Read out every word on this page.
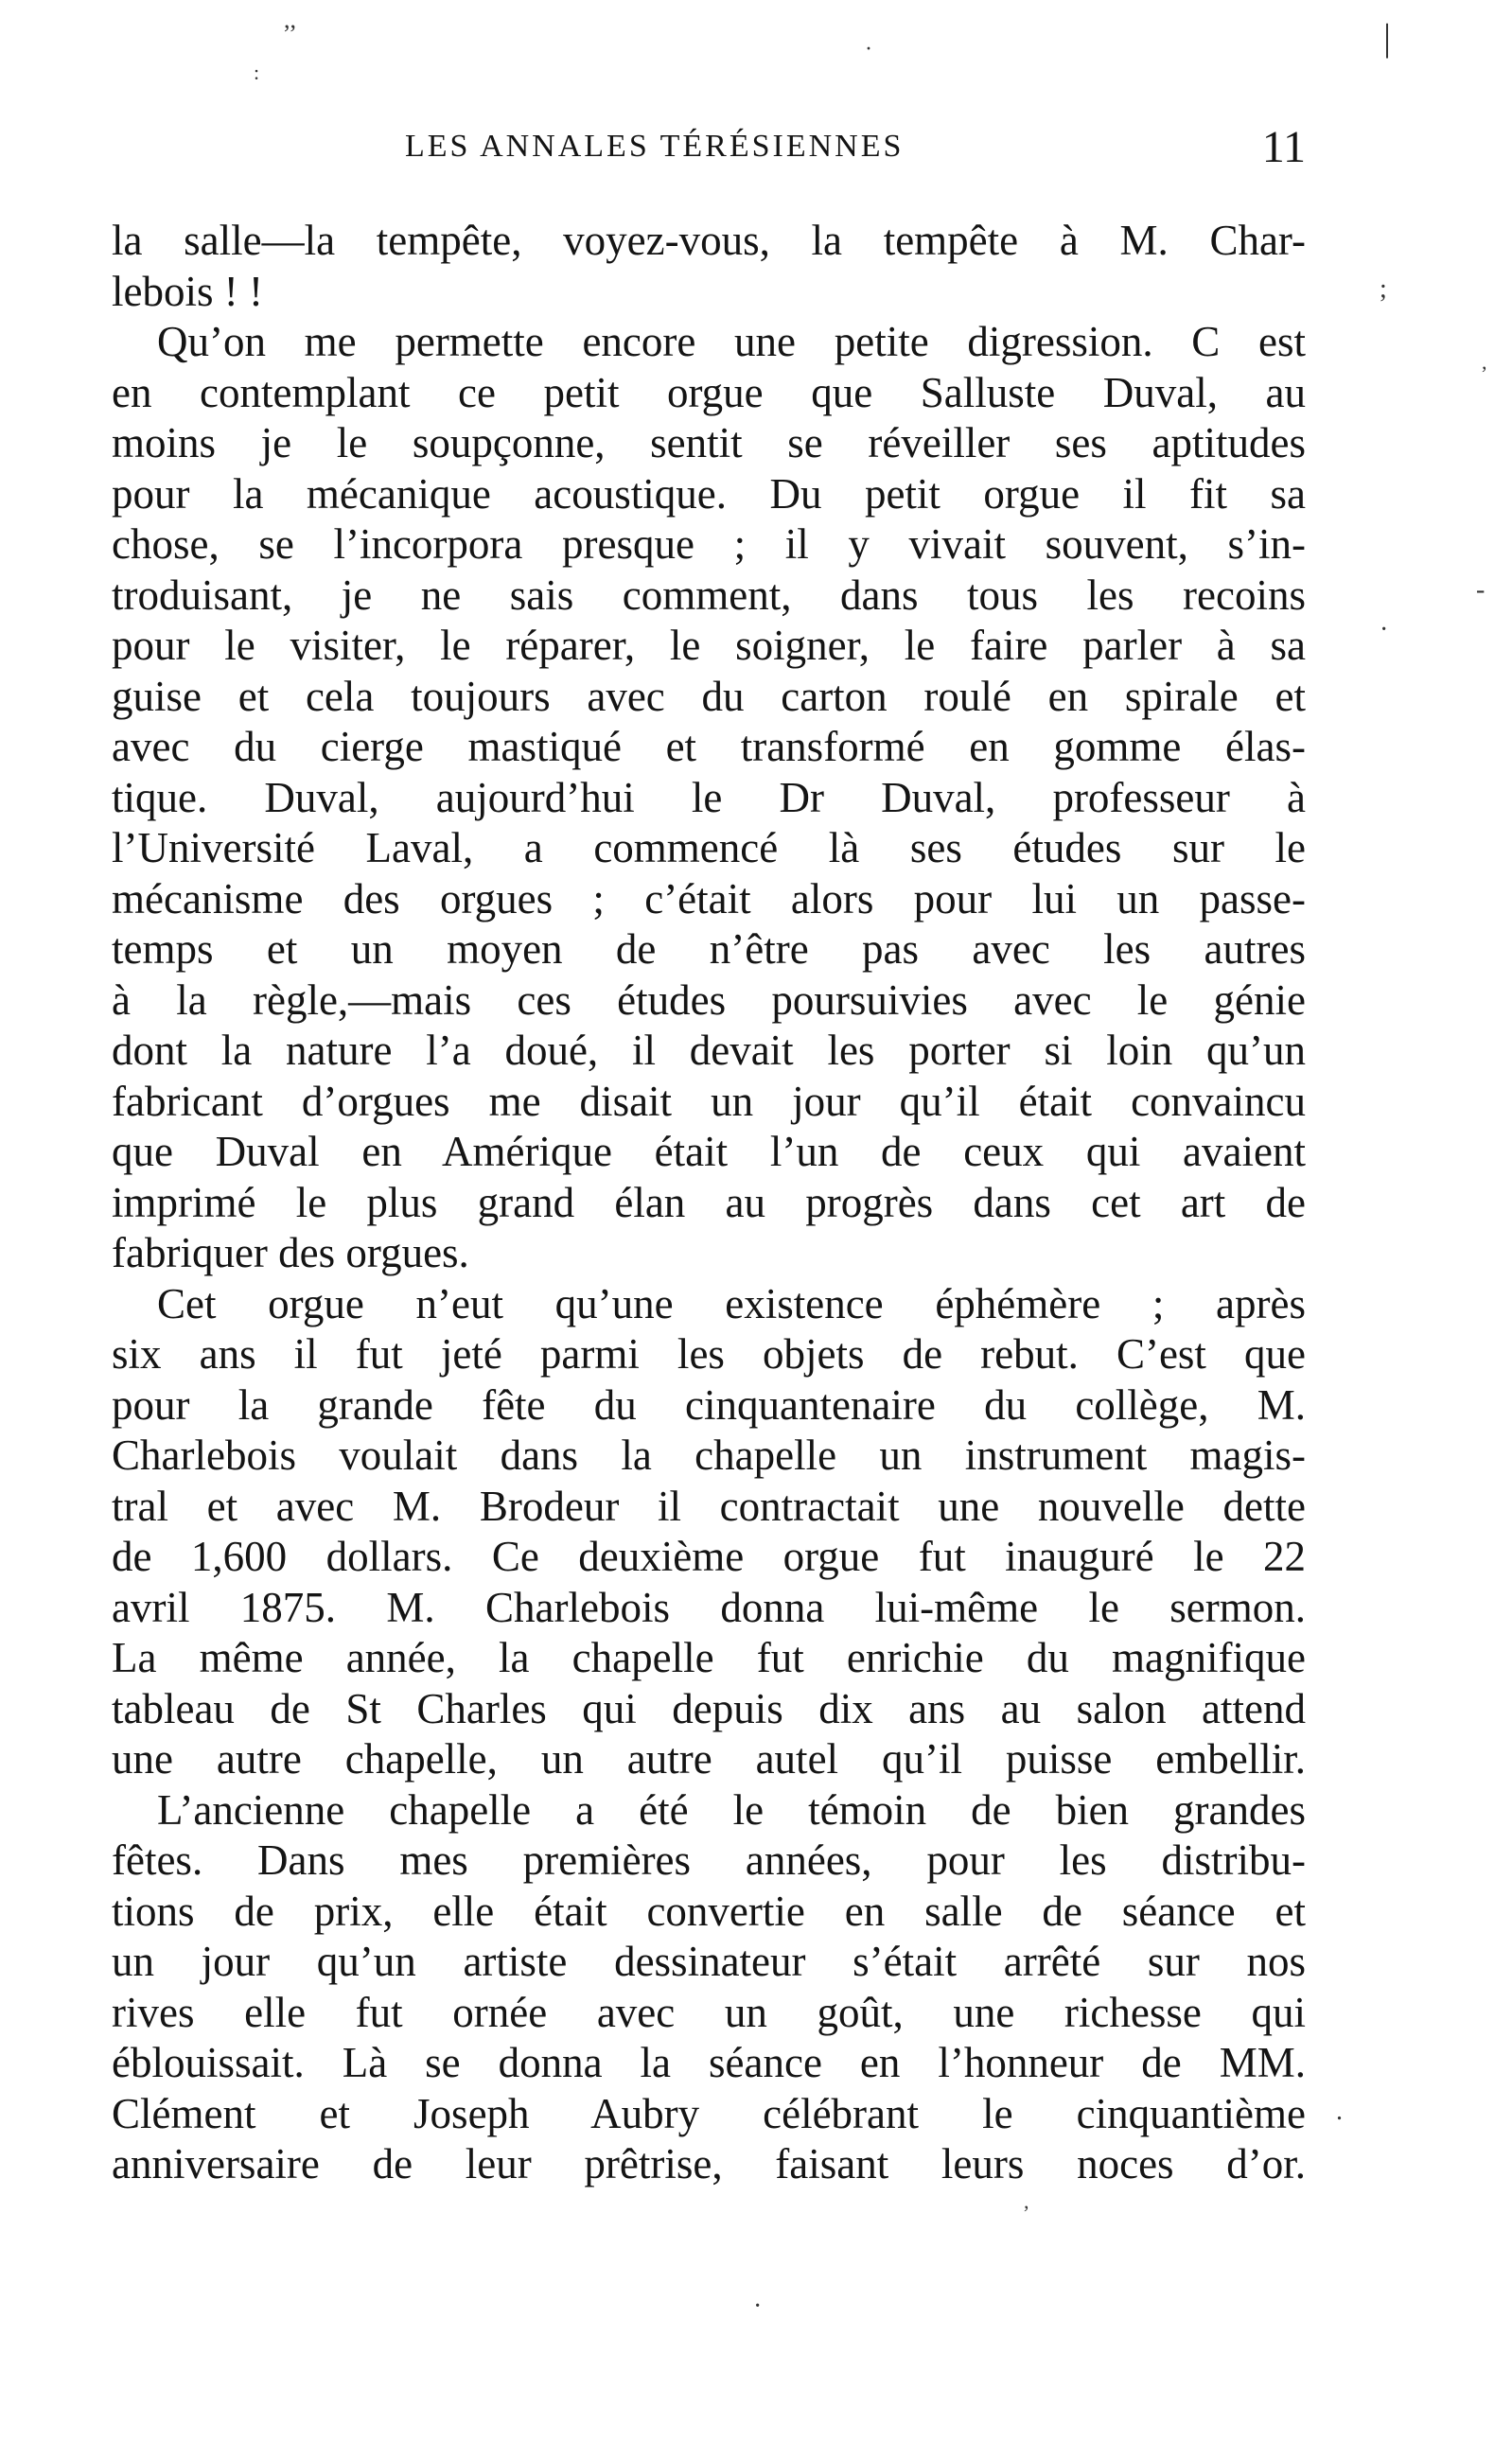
,,
:
|
·
;
,
-
·
.
·
,
LES ANNALES TÉRÉSIENNES	11
la salle—la tempête, voyez-vous, la tempête à M. Char-
lebois ! !
Qu’on me permette encore une petite digression. C est
en contemplant ce petit orgue que Salluste Duval, au
moins je le soupçonne, sentit se réveiller ses aptitudes
pour la mécanique acoustique. Du petit orgue il fit sa
chose, se l’incorpora presque ; il y vivait souvent, s’in-
troduisant, je ne sais comment, dans tous les recoins
pour le visiter, le réparer, le soigner, le faire parler à sa
guise et cela toujours avec du carton roulé en spirale et
avec du cierge mastiqué et transformé en gomme élas-
tique. Duval, aujourd’hui le Dr Duval, professeur à
l’Université Laval, a commencé là ses études sur le
mécanisme des orgues ; c’était alors pour lui un passe-
temps et un moyen de n’être pas avec les autres
à la règle,—mais ces études poursuivies avec le génie
dont la nature l’a doué, il devait les porter si loin qu’un
fabricant d’orgues me disait un jour qu’il était convaincu
que Duval en Amérique était l’un de ceux qui avaient
imprimé le plus grand élan au progrès dans cet art de
fabriquer des orgues.
Cet orgue n’eut qu’une existence éphémère ; après
six ans il fut jeté parmi les objets de rebut. C’est que
pour la grande fête du cinquantenaire du collège, M.
Charlebois voulait dans la chapelle un instrument magis-
tral et avec M. Brodeur il contractait une nouvelle dette
de 1,600 dollars. Ce deuxième orgue fut inauguré le 22
avril 1875. M. Charlebois donna lui-même le sermon.
La même année, la chapelle fut enrichie du magnifique
tableau de St Charles qui depuis dix ans au salon attend
une autre chapelle, un autre autel qu’il puisse embellir.
L’ancienne chapelle a été le témoin de bien grandes
fêtes. Dans mes premières années, pour les distribu-
tions de prix, elle était convertie en salle de séance et
un jour qu’un artiste dessinateur s’était arrêté sur nos
rives elle fut ornée avec un goût, une richesse qui
éblouissait. Là se donna la séance en l’honneur de MM.
Clément et Joseph Aubry célébrant le cinquantième
anniversaire de leur prêtrise, faisant leurs noces d’or.
